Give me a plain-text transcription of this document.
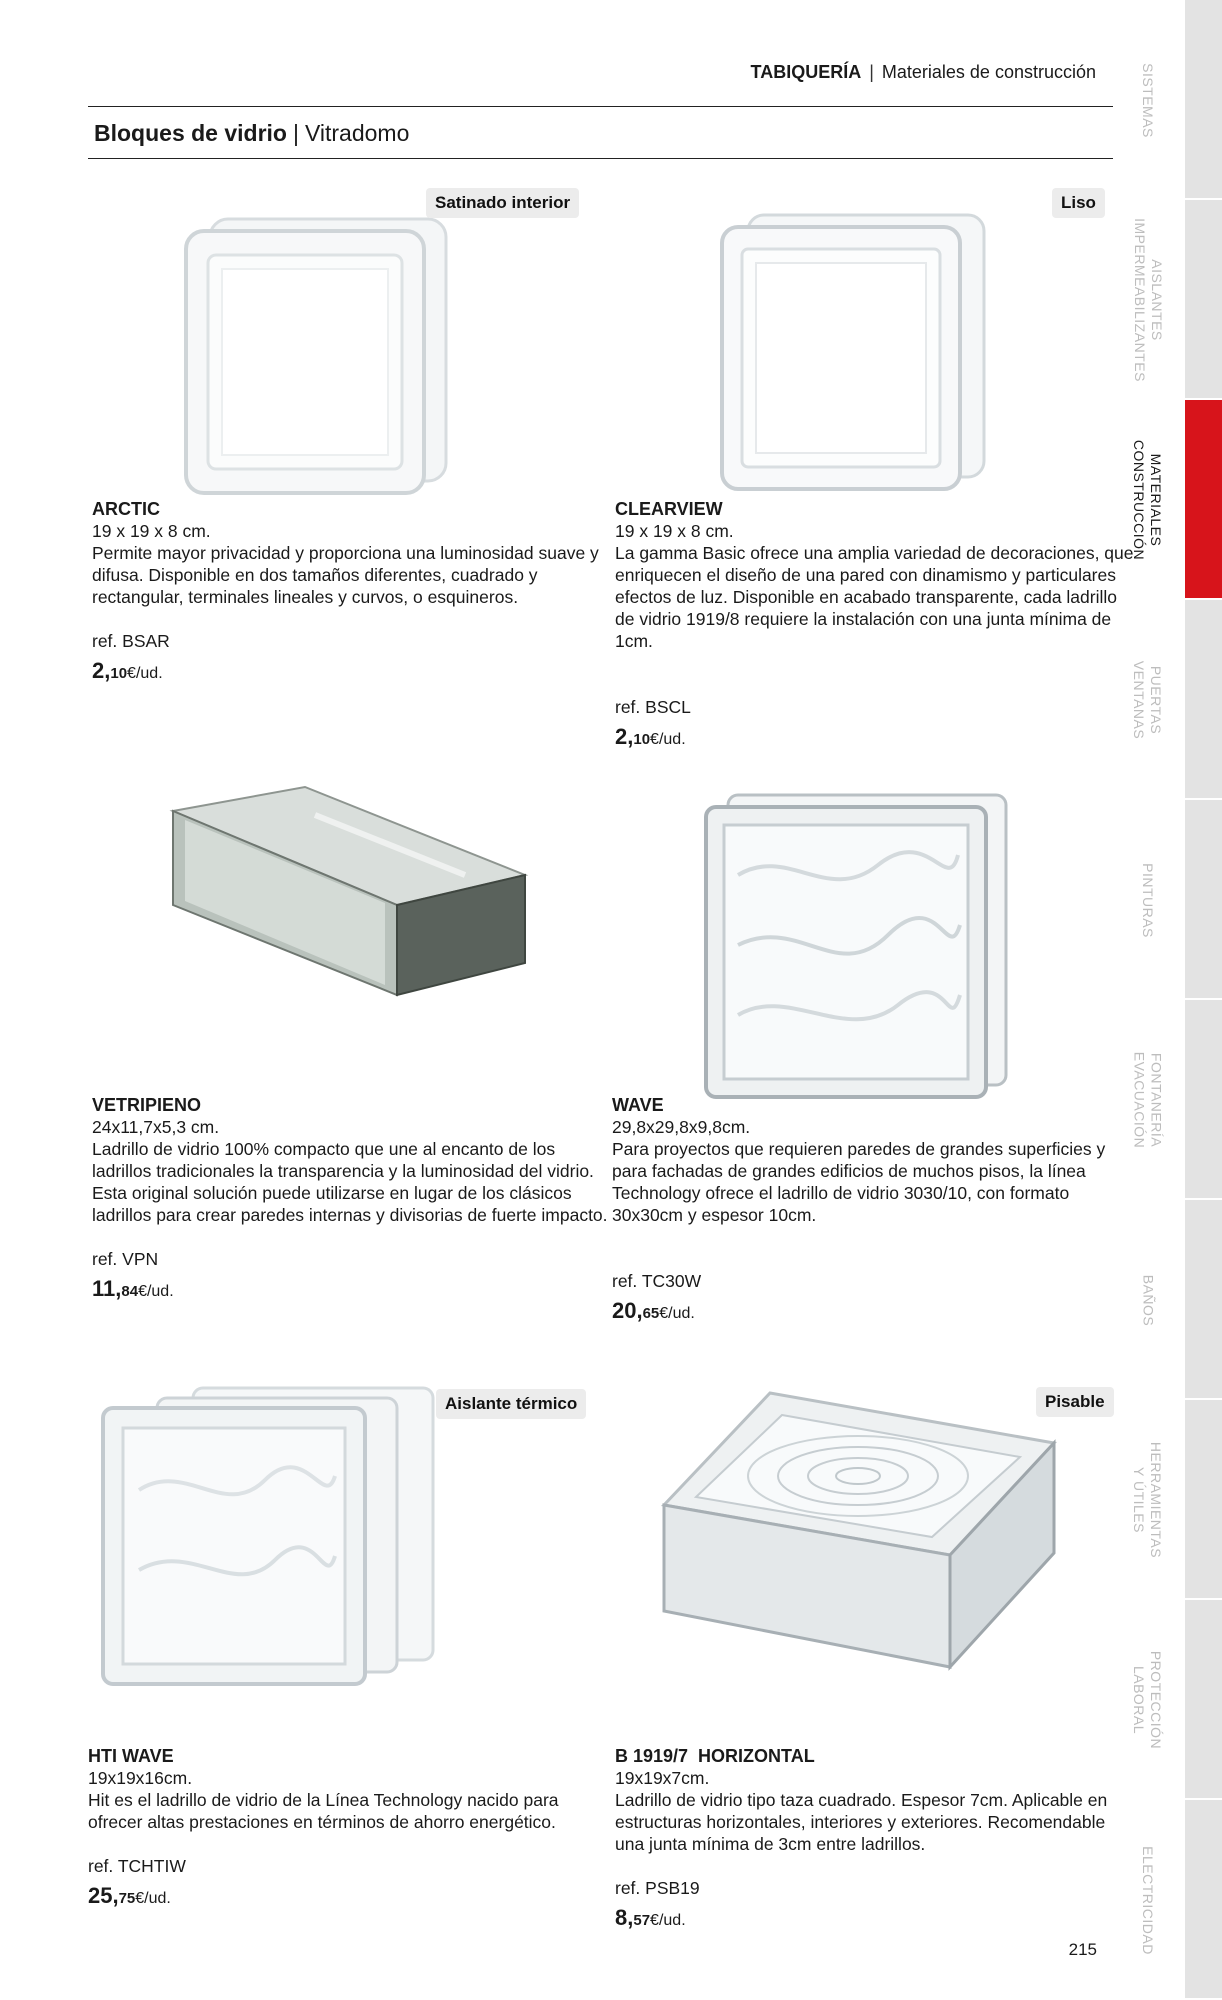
TABIQUERÍA | Materiales de construcción
Bloques de vidrio | Vitradomo
Satinado interior
ARCTIC
19 x 19 x 8 cm.
Permite mayor privacidad y proporciona una luminosidad suave y difusa. Disponible en dos tamaños diferentes, cuadrado y rectangular, terminales lineales y curvos, o esquineros.
ref. BSAR
2,10€/ud.
Liso
CLEARVIEW
19 x 19 x 8 cm.
La gamma Basic ofrece una amplia variedad de decoraciones, que enriquecen el diseño de una pared con dinamismo y particulares efectos de luz. Disponible en acabado transparente, cada ladrillo de vidrio 1919/8 requiere la instalación con una junta mínima de 1cm.
ref. BSCL
2,10€/ud.
VETRIPIENO
24x11,7x5,3 cm.
Ladrillo de vidrio 100% compacto que une al encanto de los ladrillos tradicionales la transparencia y la luminosidad del vidrio. Esta original solución puede utilizarse en lugar de los clásicos ladrillos para crear paredes internas y divisorias de fuerte impacto.
ref. VPN
11,84€/ud.
WAVE
29,8x29,8x9,8cm.
Para proyectos que requieren paredes de grandes superficies y para fachadas de grandes edificios de muchos pisos, la línea Technology ofrece el ladrillo de vidrio 3030/10, con formato 30x30cm y espesor 10cm.
ref. TC30W
20,65€/ud.
Aislante térmico
HTI WAVE
19x19x16cm.
Hit es el ladrillo de vidrio de la Línea Technology nacido para ofrecer altas prestaciones en términos de ahorro energético.
ref. TCHTIW
25,75€/ud.
Pisable
B 1919/7  HORIZONTAL
19x19x7cm.
Ladrillo de vidrio tipo taza cuadrado. Espesor 7cm. Aplicable en estructuras horizontales, interiores y exteriores. Recomendable una junta mínima de 3cm entre ladrillos.
ref. PSB19
8,57€/ud.
215
SISTEMAS
AISLANTES
IMPERMEABILIZANTES
MATERIALES
CONSTRUCCIÓN
PUERTAS
VENTANAS
PINTURAS
FONTANERÍA
EVACUACIÓN
BAÑOS
HERRAMIENTAS
Y ÚTILES
PROTECCIÓN
LABORAL
ELECTRICIDAD
